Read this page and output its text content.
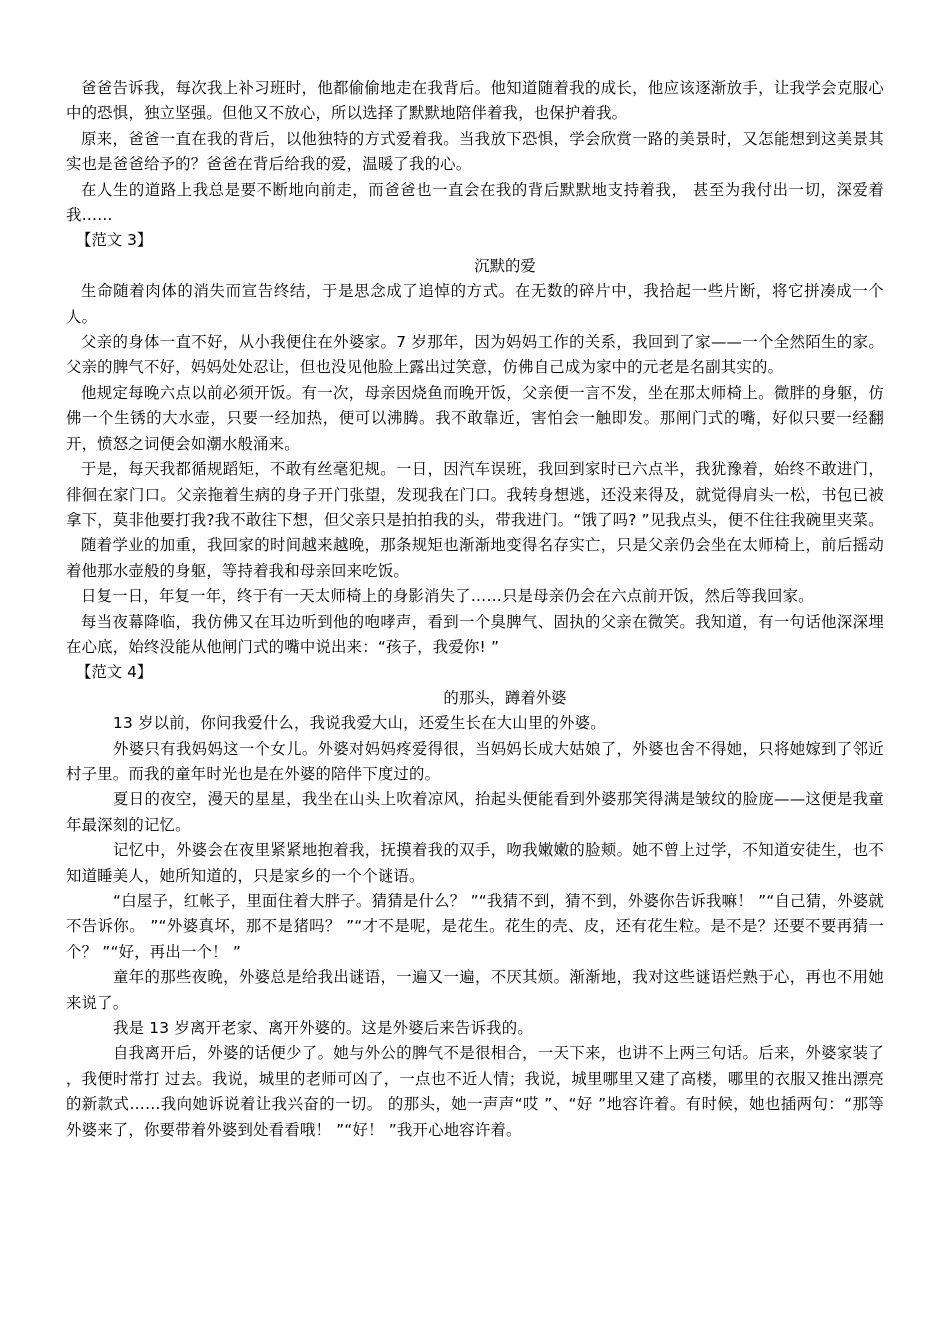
爸爸告诉我，每次我上补习班时，他都偷偷地走在我背后。他知道随着我的成长，他应该逐渐放手，让我学会克服心中的恐惧，独立坚强。但他又不放心，所以选择了默默地陪伴着我，也保护着我。

原来，爸爸一直在我的背后，以他独特的方式爱着我。当我放下恐惧，学会欣赏一路的美景时，又怎能想到这美景其实也是爸爸给予的？爸爸在背后给我的爱，温暖了我的心。

在人生的道路上我总是要不断地向前走，而爸爸也一直会在我的背后默默地支持着我， 甚至为我付出一切，深爱着我……

【范文 3】

沉默的爱

生命随着肉体的消失而宣告终结，于是思念成了追悼的方式。在无数的碎片中，我拾起一些片断，将它拼凑成一个人。

父亲的身体一直不好，从小我便住在外婆家。7 岁那年，因为妈妈工作的关系，我回到了家——一个全然陌生的家。父亲的脾气不好，妈妈处处忍让，但也没见他脸上露出过笑意，仿佛自己成为家中的元老是名副其实的。

他规定每晚六点以前必须开饭。有一次，母亲因烧鱼而晚开饭，父亲便一言不发，坐在那太师椅上。微胖的身躯，仿佛一个生锈的大水壶，只要一经加热，便可以沸腾。我不敢靠近，害怕会一触即发。那闸门式的嘴，好似只要一经翻开，愤怒之词便会如潮水般涌来。

于是，每天我都循规蹈矩，不敢有丝毫犯规。一日，因汽车误班，我回到家时已六点半，我犹豫着，始终不敢进门，徘徊在家门口。父亲拖着生病的身子开门张望，发现我在门口。我转身想逃，还没来得及，就觉得肩头一松，书包已被拿下，莫非他要打我?我不敢往下想，但父亲只是拍拍我的头，带我进门。“饿了吗? ”见我点头，便不住往我碗里夹菜。

随着学业的加重，我回家的时间越来越晚，那条规矩也渐渐地变得名存实亡，只是父亲仍会坐在太师椅上，前后摇动着他那水壶般的身躯，等持着我和母亲回来吃饭。

日复一日，年复一年，终于有一天太师椅上的身影消失了……只是母亲仍会在六点前开饭，然后等我回家。

每当夜幕降临，我仿佛又在耳边听到他的咆哮声，看到一个臭脾气、固执的父亲在微笑。我知道，有一句话他深深埋在心底，始终没能从他闸门式的嘴中说出来：“孩子，我爱你! ”

【范文 4】

的那头，蹲着外婆

13 岁以前，你问我爱什么，我说我爱大山，还爱生长在大山里的外婆。

外婆只有我妈妈这一个女儿。外婆对妈妈疼爱得很，当妈妈长成大姑娘了，外婆也舍不得她，只将她嫁到了邻近村子里。而我的童年时光也是在外婆的陪伴下度过的。

夏日的夜空，漫天的星星，我坐在山头上吹着凉风，抬起头便能看到外婆那笑得满是皱纹的脸庞——这便是我童年最深刻的记忆。

记忆中，外婆会在夜里紧紧地抱着我，抚摸着我的双手，吻我嫩嫩的脸颊。她不曾上过学，不知道安徒生，也不知道睡美人，她所知道的，只是家乡的一个个谜语。

“白屋子，红帐子，里面住着大胖子。猜猜是什么？ ”“我猜不到，猜不到，外婆你告诉我嘛！ ”“自己猜，外婆就不告诉你。 ”“外婆真坏，那不是猪吗？ ”“才不是呢，是花生。花生的壳、皮，还有花生粒。是不是？还要不要再猜一个？ ”“好，再出一个！ ”

童年的那些夜晚，外婆总是给我出谜语，一遍又一遍，不厌其烦。渐渐地，我对这些谜语烂熟于心，再也不用她来说了。

我是 13 岁离开老家、离开外婆的。这是外婆后来告诉我的。

自我离开后，外婆的话便少了。她与外公的脾气不是很相合，一天下来，也讲不上两三句话。后来，外婆家装了 ，我便时常打 过去。我说，城里的老师可凶了，一点也不近人情；我说，城里哪里又建了高楼，哪里的衣服又推出漂亮的新款式……我向她诉说着让我兴奋的一切。 的那头，她一声声“哎 ”、“好 ”地容许着。有时候，她也插两句：“那等外婆来了，你要带着外婆到处看看哦！ ”“好！ ”我开心地容许着。
